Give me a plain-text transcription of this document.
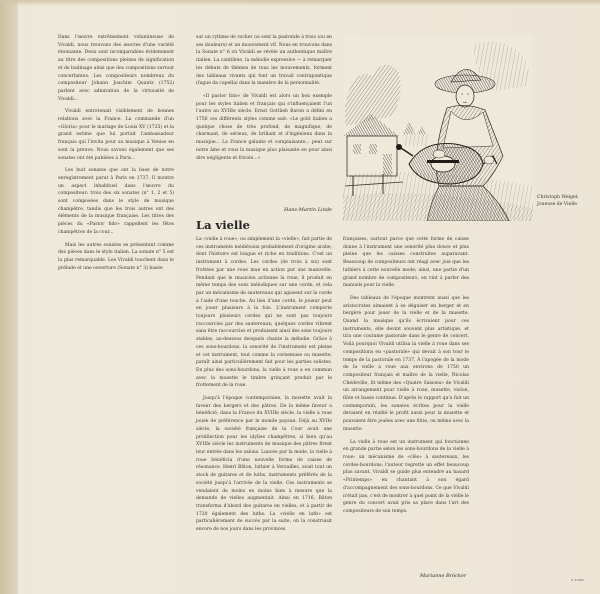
Dans l'œuvre extrêmement volumineuse de Vivaldi, nous trouvons des œuvres d'une variété étonnante. Deux sont incomparables évidemment au titre des compositions pleines de signification et de badinage ainsi que des compositions surtout concertantes. Les compositeurs nombreux du compositeur Johann Joachim Quantz (1752) parlent avec admiration de la virtuosité de Vivaldi...

Vivaldi entretenait visiblement de bonnes relations avec la France. La commande d'un «Gloria» pour le mariage de Louis XV (1725) et la grand estime que lui portait l'ambassadeur français qui l'invita pour sa musique à Venise en sont la preuve. Nous savons également que ses sonates ont été publiées à Paris...

Les huit sonates que ont la base de notre enregistrement parut à Paris en 1737. Il montre un aspect inhabituel dans l'œuvre du compositeur: trois des six sonates (n° 1, 2 et 5) sont composées dans le style de musique champêtre, tandis que les trois autres ont des éléments de la musique française. Les titres des pièces du «Pastor fido» rappellent les fêtes champêtres de la cour...

Mais les autres sonates se présentent comme des pièces dans le style italien. La sonate n° 5 est la plus remarquable. Les Vivaldi touchent dans le prélude et une ouverture (Sonate n° 3) basée

sur un rythme de rocher ou sont la pastorale à trois (ou en ses douleurs) et un mouvement vif. Nous en trouvons dans la Sonate n° 6 où Vivaldi se révèle un authentique maître italien. La cantilène, la mélodie expressive — à remarquer les débuts de thèmes de tous les mouvements, forment des tableaux vivants qui font un travail contrapuntique (fugue da capella) dans la manière de la personnalité.

«Il pastor fido» de Vivaldi est alors un bon exemple pour les styles italien et français qui s'influençaient l'un l'autre au XVIIIe siècle. Ernst Gottlieb Baron a défini en 1756 ces différents styles comme suit: «Le goût italien a quelque chose de très profond, de magnifique, de charmant, de sérieux, de brillant et d'ingénieux dans la musique... La France galante et complaisante... peut sur notre âme et vous la musique plus plaisante en pour ainsi dire négligente et frivole...»

Hans-Martin Linde
La vielle

La «vielle à roue», ou simplement la «vielle», fait partie de ces instruments médiévaux probablement d'origine arabe, dont l'histoire est longue et riche en traditions. C'est un instrument à cordes. Les cordes (de trois à six) sont frottées par une roue mue en action par une manivelle. Pendant que le musicien actionne la roue, il produit en même temps des sons mélodiques sur une corde, et cela par un mécanisme de sautereaux qui agissent sur la corde à l'aide d'une touche. Au lieu d'une corde, le joueur peut en jouer plusieurs à la fois. L'instrument comporte toujours plusieurs cordes qui ne sont pas toujours raccourcies par des sautereaux; quelques cordes vibrent sans être raccourcies et produisent ainsi des sons toujours stables, au-dessous desquels chante la mélodie. Grâce à ces sons-bourdons, la sonorité de l'instrument est pleine et cet instrument, tout comme la cornemuse ou musette, paraît ainsi particulièrement fait pour les parties solistes. En plus des sons-bourdons, la vielle à roue a en commun avec la musette le timbre grinçant produit par le frottement de la roue.

Jusqu'à l'époque contemporaine, la musette avait la faveur des bergers et des pâtres. De la même faveur a bénéficié, dans la France du XVIIIe siècle, la vielle à roue jouée de préférence par le monde paysan. Déjà au XVIIe siècle, la société française de la Cour avait une prédilection pour les idylles champêtres, si bien qu'au XVIIIe siècle les instruments de musique des pâtres firent leur entrée dans les salons. Lancée par la mode, la vielle à roue bénéficia d'une nouvelle forme de caisse de résonance. Henri Bâton, luthier à Versailles, avait tout un stock de guitares et de luths, instruments préférés de la société jusqu'à l'arrivée de la vielle. Ces instruments se vendaient de moins en moins bien à mesure que la demande de vielles augmentait. Ainsi en 1716, Bâton transforma d'abord des guitares en vielles, et à partir de 1720 également des luths. La «vielle en luth» est particulièrement de succès par la suite, on la construisit encore de nos jours dans les provinces

françaises, surtout parce que cette forme de caisse donne à l'instrument une sonorité plus douce et plus pleine que les caisses construites auparavant. Beaucoup de compositeurs ont réagi avec joie que les luthiers à cette nouvelle mode; ainsi, une partie d'un grand nombre de compositeurs, en vint à parler des manuels pour la vielle.

Des tableaux de l'époque montrent aussi que les aristocrates aimaient à se déguiser en berger et en bergère pour jouer de la vielle et de la musette. Quand la musique qu'ils écrivaient pour ces instruments, elle devint souvent plus artistique, et tira une coutume pastorale dans le genre de concert. Voilà pourquoi Vivaldi utilisa la vielle à roue dans ses compositions en «pastorale» qui devait à son tour le temps de la pastorale en 1737. À l'apogée de la mode de la vielle à roue aux environs de 1750 un compositeur français et maître de la vielle, Nicolas Chédeville, fit même des «Quatre Saisons» de Vivaldi un arrangement pour vielle à roue, musette, violon, flûte et basse continue. D'après le rapport qu'a fait un contemporain, les sonates écrites pour la vielle devaient en réalité le profit aussi pour la musette et pouvaient être jouées avec une flûte, ou même avec la musette.

La vielle à roue est un instrument qui fonctionne en grande partie selon les sons-bourdons de la vielle à roue: un mécanisme de «clés» à sautereaux, les cordes-bourdons; l'auteur regrette un effet beaucoup plus savant. Vivaldi se guide plus entendre au hasard «Printemps» en chantant à son égard d'accompagnement des sons-bourdons. Ce que Vivaldi n'était pas, c'est de montrer à quel point de la vielle le genre du concert avait pris sa place dans l'art des compositeurs de son temps.

Marianne Bröcker
Christoph Weigel:
Joueuse de Vielle
6.41203
